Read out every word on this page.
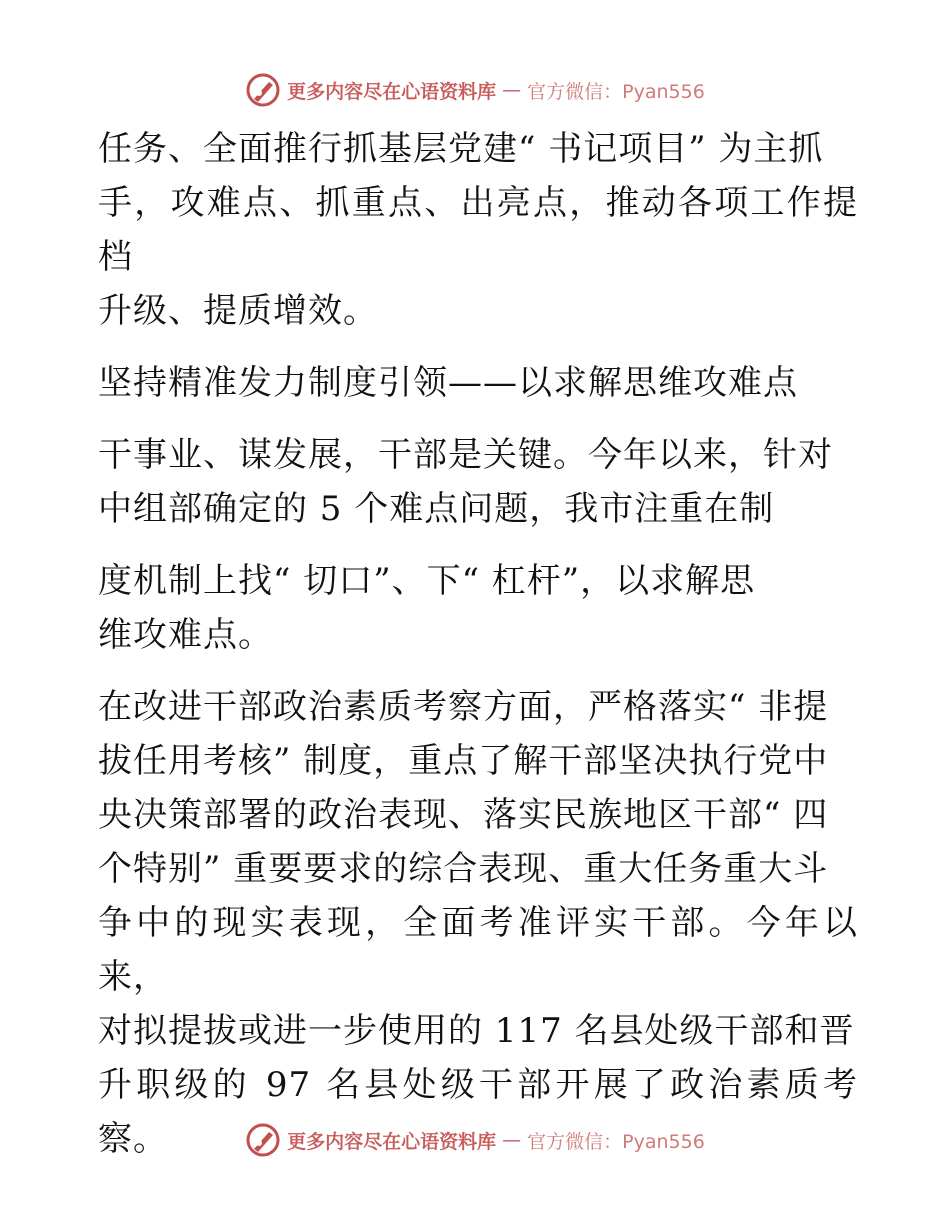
更多内容尽在心语资料库 — 官方微信：Pyan556

任务、全面推行抓基层党建“ 书记项目” 为主抓

手，攻难点、抓重点、出亮点，推动各项工作提档

升级、提质增效。

坚持精准发力制度引领——以求解思维攻难点

干事业、谋发展，干部是关键。今年以来，针对

中组部确定的 5 个难点问题，我市注重在制

度机制上找“ 切口”、下“ 杠杆”，以求解思

维攻难点。

在改进干部政治素质考察方面，严格落实“ 非提

拔任用考核” 制度，重点了解干部坚决执行党中

央决策部署的政治表现、落实民族地区干部“ 四

个特别” 重要要求的综合表现、重大任务重大斗

争中的现实表现，全面考准评实干部。今年以来，

对拟提拔或进一步使用的 117 名县处级干部和晋

升职级的 97 名县处级干部开展了政治素质考察。	更多内容尽在心语资料库 — 官方微信：Pyan556
